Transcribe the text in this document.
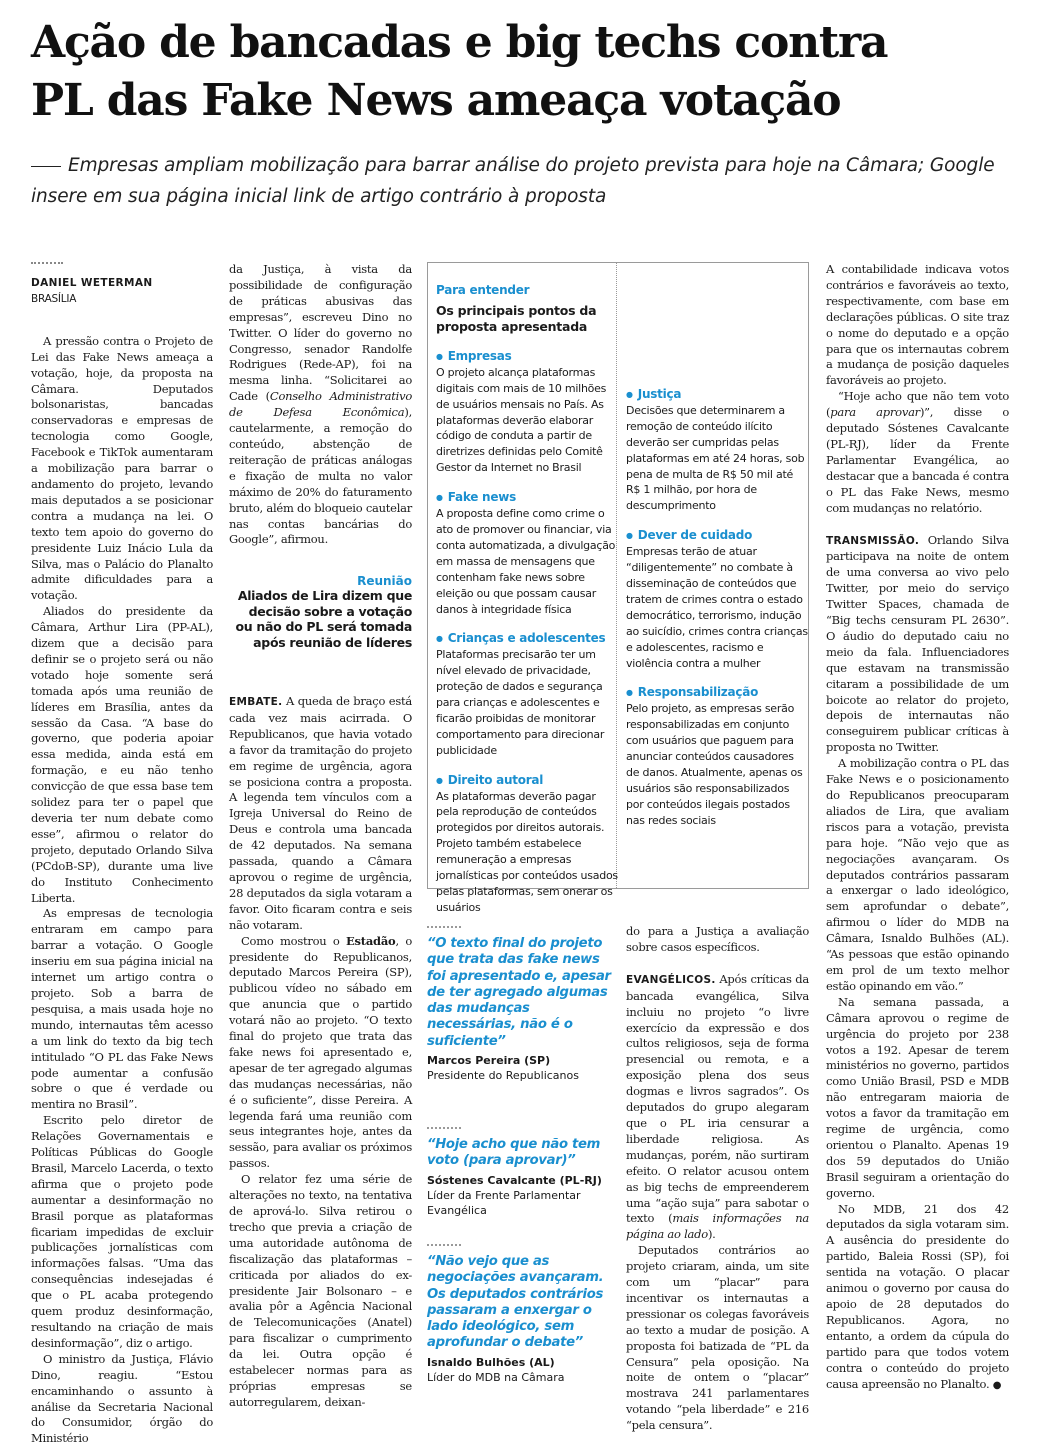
Ação de bancadas e big techs contra
PL das Fake News ameaça votação
Empresas ampliam mobilização para barrar análise do projeto prevista para hoje na Câmara; Google insere em sua página inicial link de artigo contrário à proposta
DANIEL WETERMAN
BRASÍLIA

A pressão contra o Projeto de Lei das Fake News ameaça a votação, hoje, da proposta na Câmara. Deputados bolsonaristas, bancadas conservadoras e empresas de tecnologia como Google, Facebook e TikTok aumentaram a mobilização para barrar o andamento do projeto, levando mais deputados a se posicionar contra a mudança na lei. O texto tem apoio do governo do presidente Luiz Inácio Lula da Silva, mas o Palácio do Planalto admite dificuldades para a votação.

Aliados do presidente da Câmara, Arthur Lira (PP-AL), dizem que a decisão para definir se o projeto será ou não votado hoje somente será tomada após uma reunião de líderes em Brasília, antes da sessão da Casa. “A base do governo, que poderia apoiar essa medida, ainda está em formação, e eu não tenho convicção de que essa base tem solidez para ter o papel que deveria ter num debate como esse”, afirmou o relator do projeto, deputado Orlando Silva (PCdoB-SP), durante uma live do Instituto Conhecimento Liberta.

As empresas de tecnologia entraram em campo para barrar a votação. O Google inseriu em sua página inicial na internet um artigo contra o projeto. Sob a barra de pesquisa, a mais usada hoje no mundo, internautas têm acesso a um link do texto da big tech intitulado “O PL das Fake News pode aumentar a confusão sobre o que é verdade ou mentira no Brasil”.

Escrito pelo diretor de Relações Governamentais e Políticas Públicas do Google Brasil, Marcelo Lacerda, o texto afirma que o projeto pode aumentar a desinformação no Brasil porque as plataformas ficariam impedidas de excluir publicações jornalísticas com informações falsas. “Uma das consequências indesejadas é que o PL acaba protegendo quem produz desinformação, resultando na criação de mais desinformação”, diz o artigo.

O ministro da Justiça, Flávio Dino, reagiu. “Estou encaminhando o assunto à análise da Secretaria Nacional do Consumidor, órgão do Ministério

da Justiça, à vista da possibilidade de configuração de práticas abusivas das empresas”, escreveu Dino no Twitter. O líder do governo no Congresso, senador Randolfe Rodrigues (Rede-AP), foi na mesma linha. “Solicitarei ao Cade (Conselho Administrativo de Defesa Econômica), cautelarmente, a remoção do conteúdo, abstenção de reiteração de práticas análogas e fixação de multa no valor máximo de 20% do faturamento bruto, além do bloqueio cautelar nas contas bancárias do Google”, afirmou.

Reunião
Aliados de Lira dizem que decisão sobre a votação ou não do PL será tomada após reunião de líderes

EMBATE. A queda de braço está cada vez mais acirrada. O Republicanos, que havia votado a favor da tramitação do projeto em regime de urgência, agora se posiciona contra a proposta. A legenda tem vínculos com a Igreja Universal do Reino de Deus e controla uma bancada de 42 deputados. Na semana passada, quando a Câmara aprovou o regime de urgência, 28 deputados da sigla votaram a favor. Oito ficaram contra e seis não votaram.

Como mostrou o Estadão, o presidente do Republicanos, deputado Marcos Pereira (SP), publicou vídeo no sábado em que anuncia que o partido votará não ao projeto. “O texto final do projeto que trata das fake news foi apresentado e, apesar de ter agregado algumas das mudanças necessárias, não é o suficiente”, disse Pereira. A legenda fará uma reunião com seus integrantes hoje, antes da sessão, para avaliar os próximos passos.

O relator fez uma série de alterações no texto, na tentativa de aprová-lo. Silva retirou o trecho que previa a criação de uma autoridade autônoma de fiscalização das plataformas – criticada por aliados do ex-presidente Jair Bolsonaro – e avalia pôr a Agência Nacional de Telecomunicações (Anatel) para fiscalizar o cumprimento da lei. Outra opção é estabelecer normas para as próprias empresas se autorregularem, deixan-

Para entender
Os principais pontos da proposta apresentada
● Empresas
O projeto alcança plataformas digitais com mais de 10 milhões de usuários mensais no País. As plataformas deverão elaborar código de conduta a partir de diretrizes definidas pelo Comitê Gestor da Internet no Brasil
● Fake news
A proposta define como crime o ato de promover ou financiar, via conta automatizada, a divulgação em massa de mensagens que contenham fake news sobre eleição ou que possam causar danos à integridade física
● Crianças e adolescentes
Plataformas precisarão ter um nível elevado de privacidade, proteção de dados e segurança para crianças e adolescentes e ficarão proibidas de monitorar comportamento para direcionar publicidade
● Direito autoral
As plataformas deverão pagar pela reprodução de conteúdos protegidos por direitos autorais. Projeto também estabelece remuneração a empresas jornalísticas por conteúdos usados pelas plataformas, sem onerar os usuários
● Justiça
Decisões que determinarem a remoção de conteúdo ilícito deverão ser cumpridas pelas plataformas em até 24 horas, sob pena de multa de R$ 50 mil até R$ 1 milhão, por hora de descumprimento
● Dever de cuidado
Empresas terão de atuar “diligentemente” no combate à disseminação de conteúdos que tratem de crimes contra o estado democrático, terrorismo, indução ao suicídio, crimes contra crianças e adolescentes, racismo e violência contra a mulher
● Responsabilização
Pelo projeto, as empresas serão responsabilizadas em conjunto com usuários que paguem para anunciar conteúdos causadores de danos. Atualmente, apenas os usuários são responsabilizados por conteúdos ilegais postados nas redes sociais
“O texto final do projeto que trata das fake news foi apresentado e, apesar de ter agregado algumas das mudanças necessárias, não é o suficiente”
Marcos Pereira (SP)
Presidente do Republicanos
“Hoje acho que não tem voto (para aprovar)”
Sóstenes Cavalcante (PL-RJ)
Líder da Frente Parlamentar Evangélica
“Não vejo que as negociações avançaram. Os deputados contrários passaram a enxergar o lado ideológico, sem aprofundar o debate”
Isnaldo Bulhões (AL)
Líder do MDB na Câmara

do para a Justiça a avaliação sobre casos específicos.

EVANGÉLICOS. Após críticas da bancada evangélica, Silva incluiu no projeto “o livre exercício da expressão e dos cultos religiosos, seja de forma presencial ou remota, e a exposição plena dos seus dogmas e livros sagrados”. Os deputados do grupo alegaram que o PL iria censurar a liberdade religiosa. As mudanças, porém, não surtiram efeito. O relator acusou ontem as big techs de empreenderem uma “ação suja” para sabotar o texto (mais informações na página ao lado).

Deputados contrários ao projeto criaram, ainda, um site com um “placar” para incentivar os internautas a pressionar os colegas favoráveis ao texto a mudar de posição. A proposta foi batizada de “PL da Censura” pela oposição. Na noite de ontem o “placar” mostrava 241 parlamentares votando “pela liberdade” e 216 “pela censura”.

A contabilidade indicava votos contrários e favoráveis ao texto, respectivamente, com base em declarações públicas. O site traz o nome do deputado e a opção para que os internautas cobrem a mudança de posição daqueles favoráveis ao projeto.

“Hoje acho que não tem voto (para aprovar)”, disse o deputado Sóstenes Cavalcante (PL-RJ), líder da Frente Parlamentar Evangélica, ao destacar que a bancada é contra o PL das Fake News, mesmo com mudanças no relatório.

TRANSMISSÃO. Orlando Silva participava na noite de ontem de uma conversa ao vivo pelo Twitter, por meio do serviço Twitter Spaces, chamada de “Big techs censuram PL 2630”. O áudio do deputado caiu no meio da fala. Influenciadores que estavam na transmissão citaram a possibilidade de um boicote ao relator do projeto, depois de internautas não conseguirem publicar críticas à proposta no Twitter.

A mobilização contra o PL das Fake News e o posicionamento do Republicanos preocuparam aliados de Lira, que avaliam riscos para a votação, prevista para hoje. “Não vejo que as negociações avançaram. Os deputados contrários passaram a enxergar o lado ideológico, sem aprofundar o debate”, afirmou o líder do MDB na Câmara, Isnaldo Bulhões (AL). “As pessoas que estão opinando em prol de um texto melhor estão opinando em vão.”

Na semana passada, a Câmara aprovou o regime de urgência do projeto por 238 votos a 192. Apesar de terem ministérios no governo, partidos como União Brasil, PSD e MDB não entregaram maioria de votos a favor da tramitação em regime de urgência, como orientou o Planalto. Apenas 19 dos 59 deputados do União Brasil seguiram a orientação do governo.

No MDB, 21 dos 42 deputados da sigla votaram sim. A ausência do presidente do partido, Baleia Rossi (SP), foi sentida na votação. O placar animou o governo por causa do apoio de 28 deputados do Republicanos. Agora, no entanto, a ordem da cúpula do partido para que todos votem contra o conteúdo do projeto causa apreensão no Planalto. ●
